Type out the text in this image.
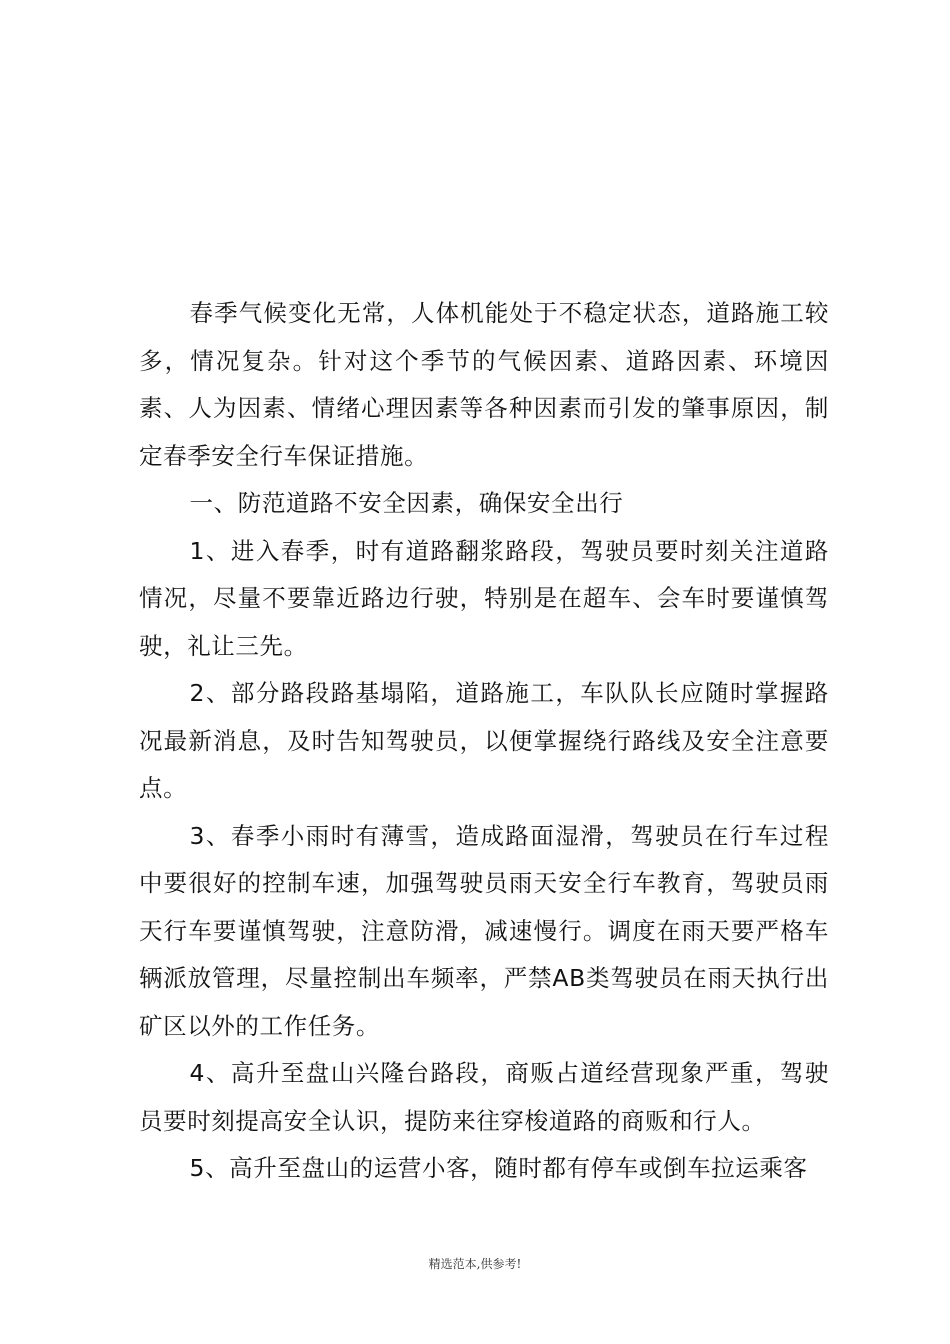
春季气候变化无常，人体机能处于不稳定状态，道路施工较多，情况复杂。针对这个季节的气候因素、道路因素、环境因素、人为因素、情绪心理因素等各种因素而引发的肇事原因，制定春季安全行车保证措施。

一、防范道路不安全因素，确保安全出行

1、进入春季，时有道路翻浆路段，驾驶员要时刻关注道路情况，尽量不要靠近路边行驶，特别是在超车、会车时要谨慎驾驶，礼让三先。

2、部分路段路基塌陷，道路施工，车队队长应随时掌握路况最新消息，及时告知驾驶员，以便掌握绕行路线及安全注意要点。

3、春季小雨时有薄雪，造成路面湿滑，驾驶员在行车过程中要很好的控制车速，加强驾驶员雨天安全行车教育，驾驶员雨天行车要谨慎驾驶，注意防滑，减速慢行。调度在雨天要严格车辆派放管理，尽量控制出车频率，严禁AB类驾驶员在雨天执行出矿区以外的工作任务。

4、高升至盘山兴隆台路段，商贩占道经营现象严重，驾驶员要时刻提高安全认识，提防来往穿梭道路的商贩和行人。

5、高升至盘山的运营小客，随时都有停车或倒车拉运乘客

精选范本,供参考!
